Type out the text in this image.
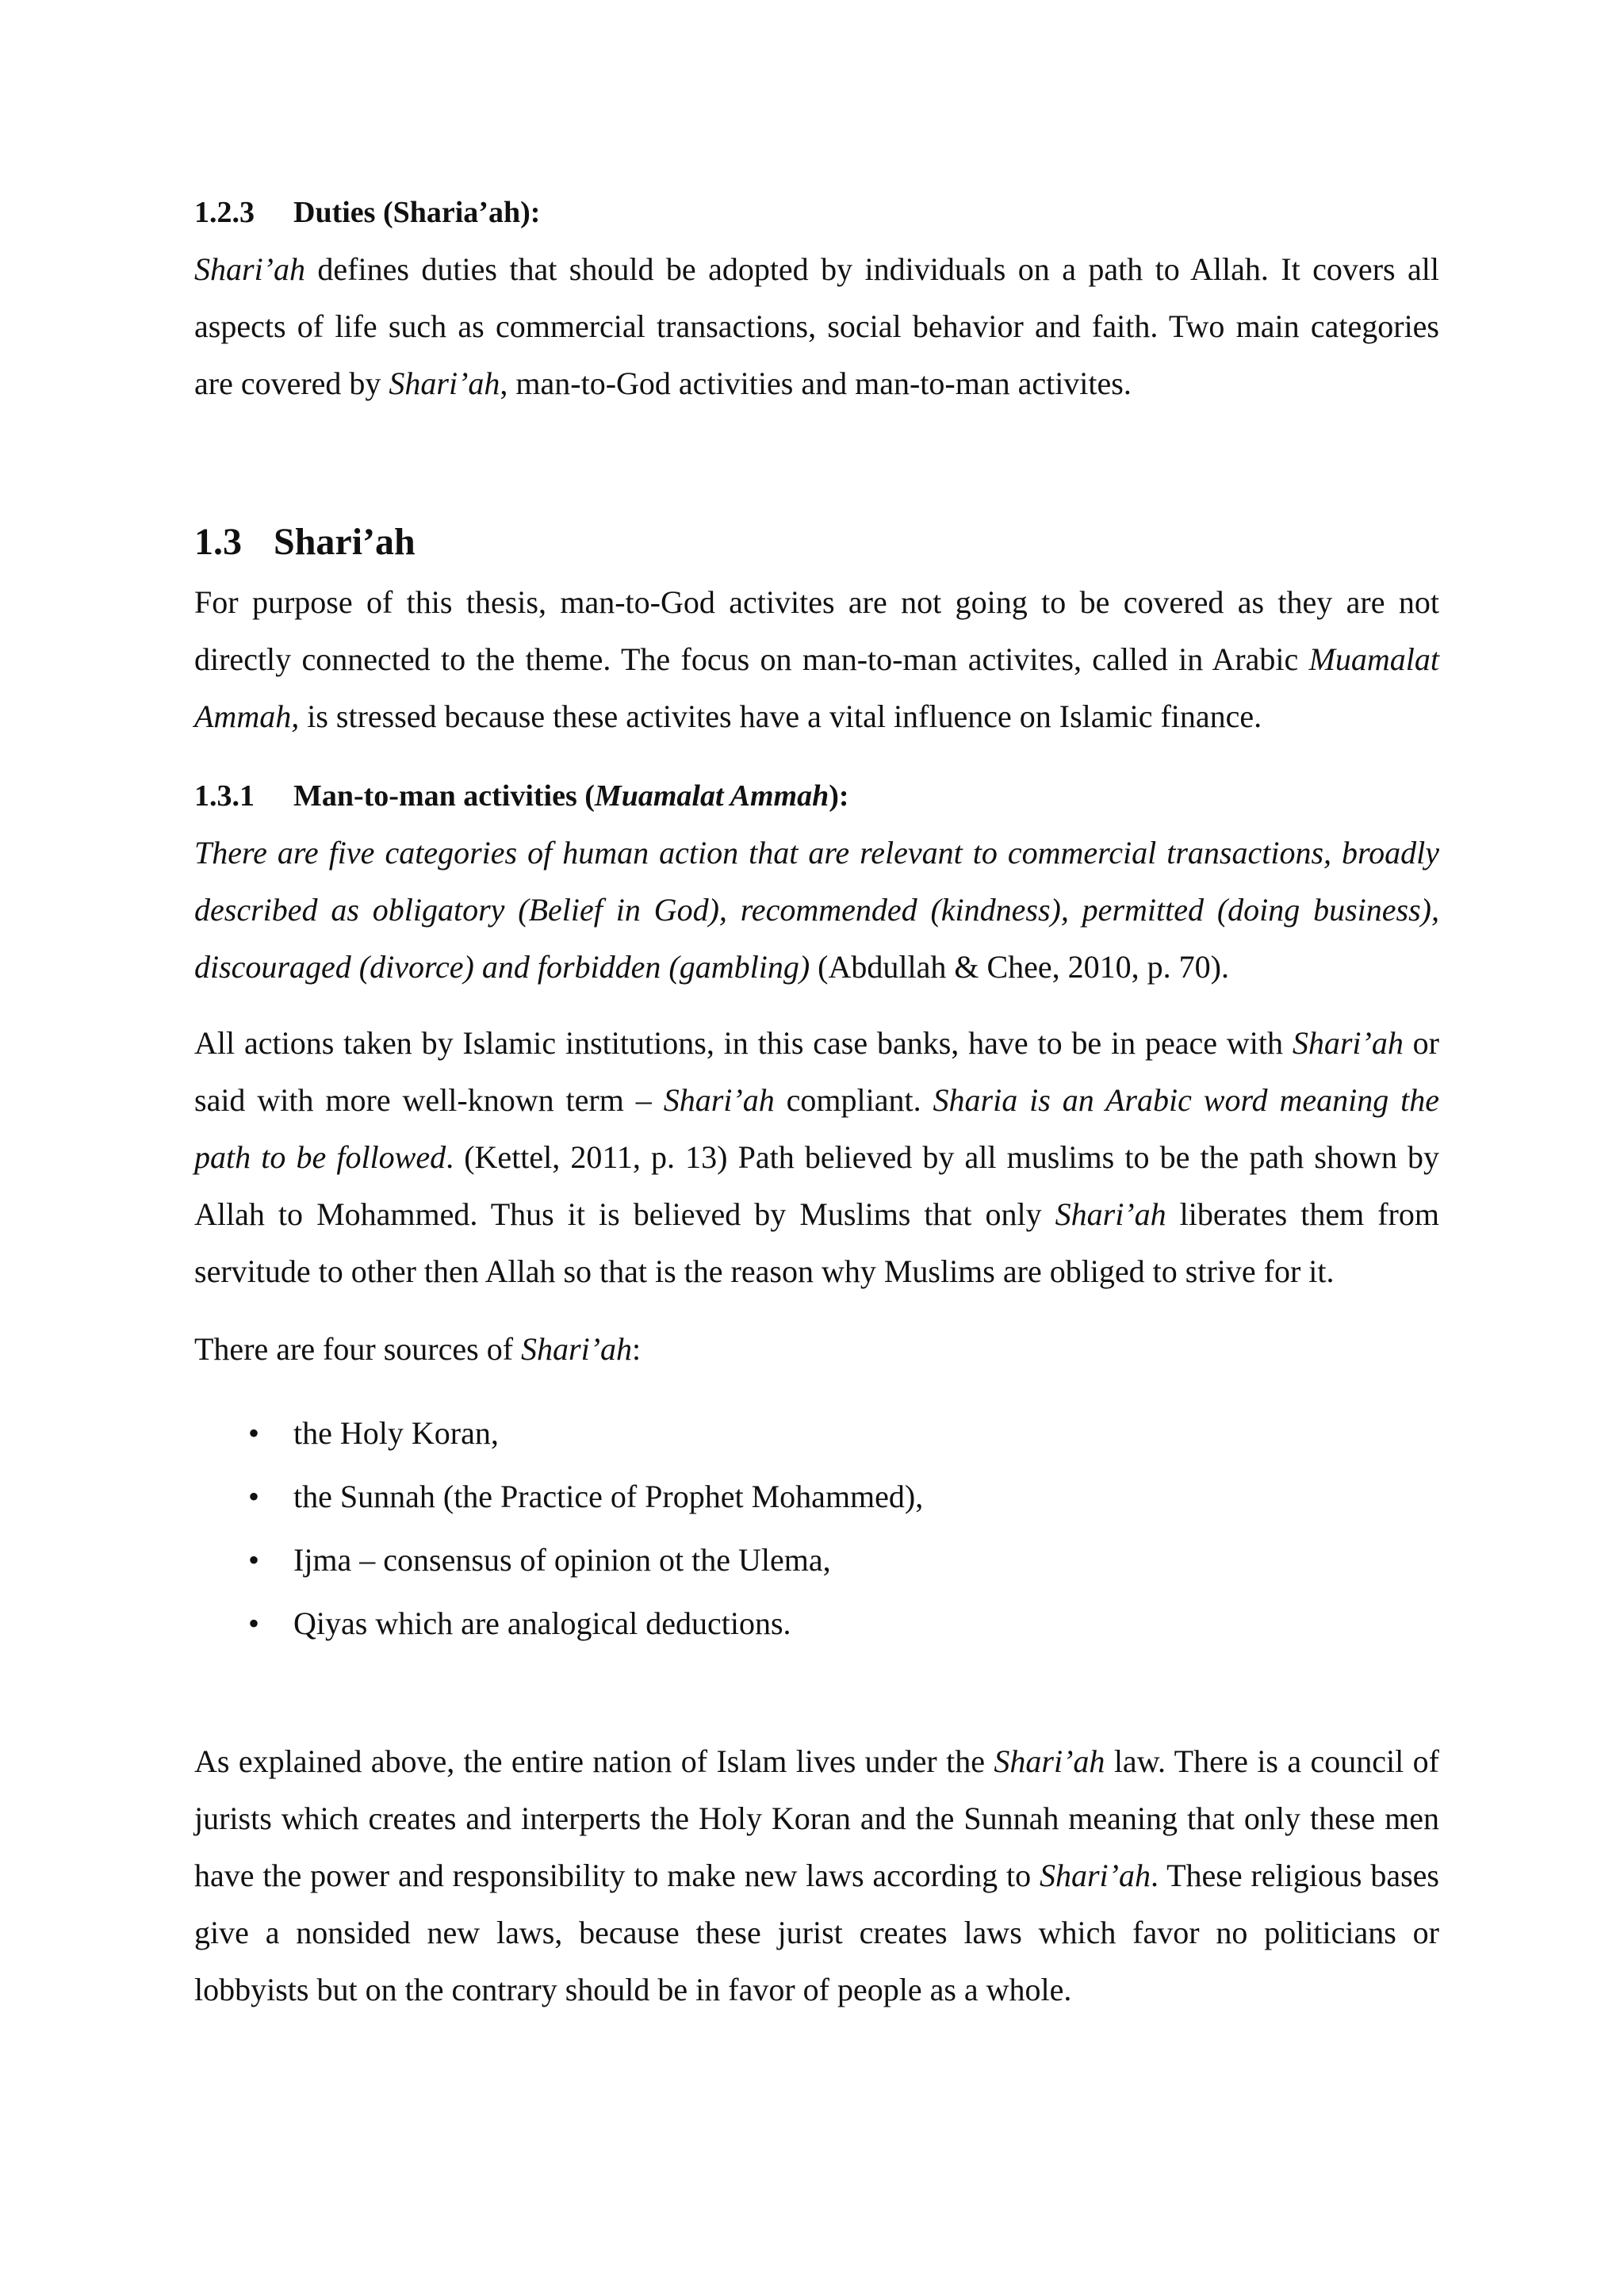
1.2.3 Duties (Sharia’ah):

Shari’ah defines duties that should be adopted by individuals on a path to Allah. It covers all aspects of life such as commercial transactions, social behavior and faith. Two main categories are covered by Shari’ah, man-to-God activities and man-to-man activites.

1.3 Shari’ah

For purpose of this thesis, man-to-God activites are not going to be covered as they are not directly connected to the theme. The focus on man-to-man activites, called in Arabic Muamalat Ammah, is stressed because these activites have a vital influence on Islamic finance.

1.3.1 Man-to-man activities (Muamalat Ammah):

There are five categories of human action that are relevant to commercial transactions, broadly described as obligatory (Belief in God), recommended (kindness), permitted (doing business), discouraged (divorce) and forbidden (gambling) (Abdullah & Chee, 2010, p. 70).

All actions taken by Islamic institutions, in this case banks, have to be in peace with Shari’ah or said with more well-known term – Shari’ah compliant. Sharia is an Arabic word meaning the path to be followed. (Kettel, 2011, p. 13) Path believed by all muslims to be the path shown by Allah to Mohammed. Thus it is believed by Muslims that only Shari’ah liberates them from servitude to other then Allah so that is the reason why Muslims are obliged to strive for it.

There are four sources of Shari’ah:

• the Holy Koran,
• the Sunnah (the Practice of Prophet Mohammed),
• Ijma – consensus of opinion ot the Ulema,
• Qiyas which are analogical deductions.

As explained above, the entire nation of Islam lives under the Shari’ah law. There is a council of jurists which creates and interperts the Holy Koran and the Sunnah meaning that only these men have the power and responsibility to make new laws according to Shari’ah. These religious bases give a nonsided new laws, because these jurist creates laws which favor no politicians or lobbyists but on the contrary should be in favor of people as a whole.
